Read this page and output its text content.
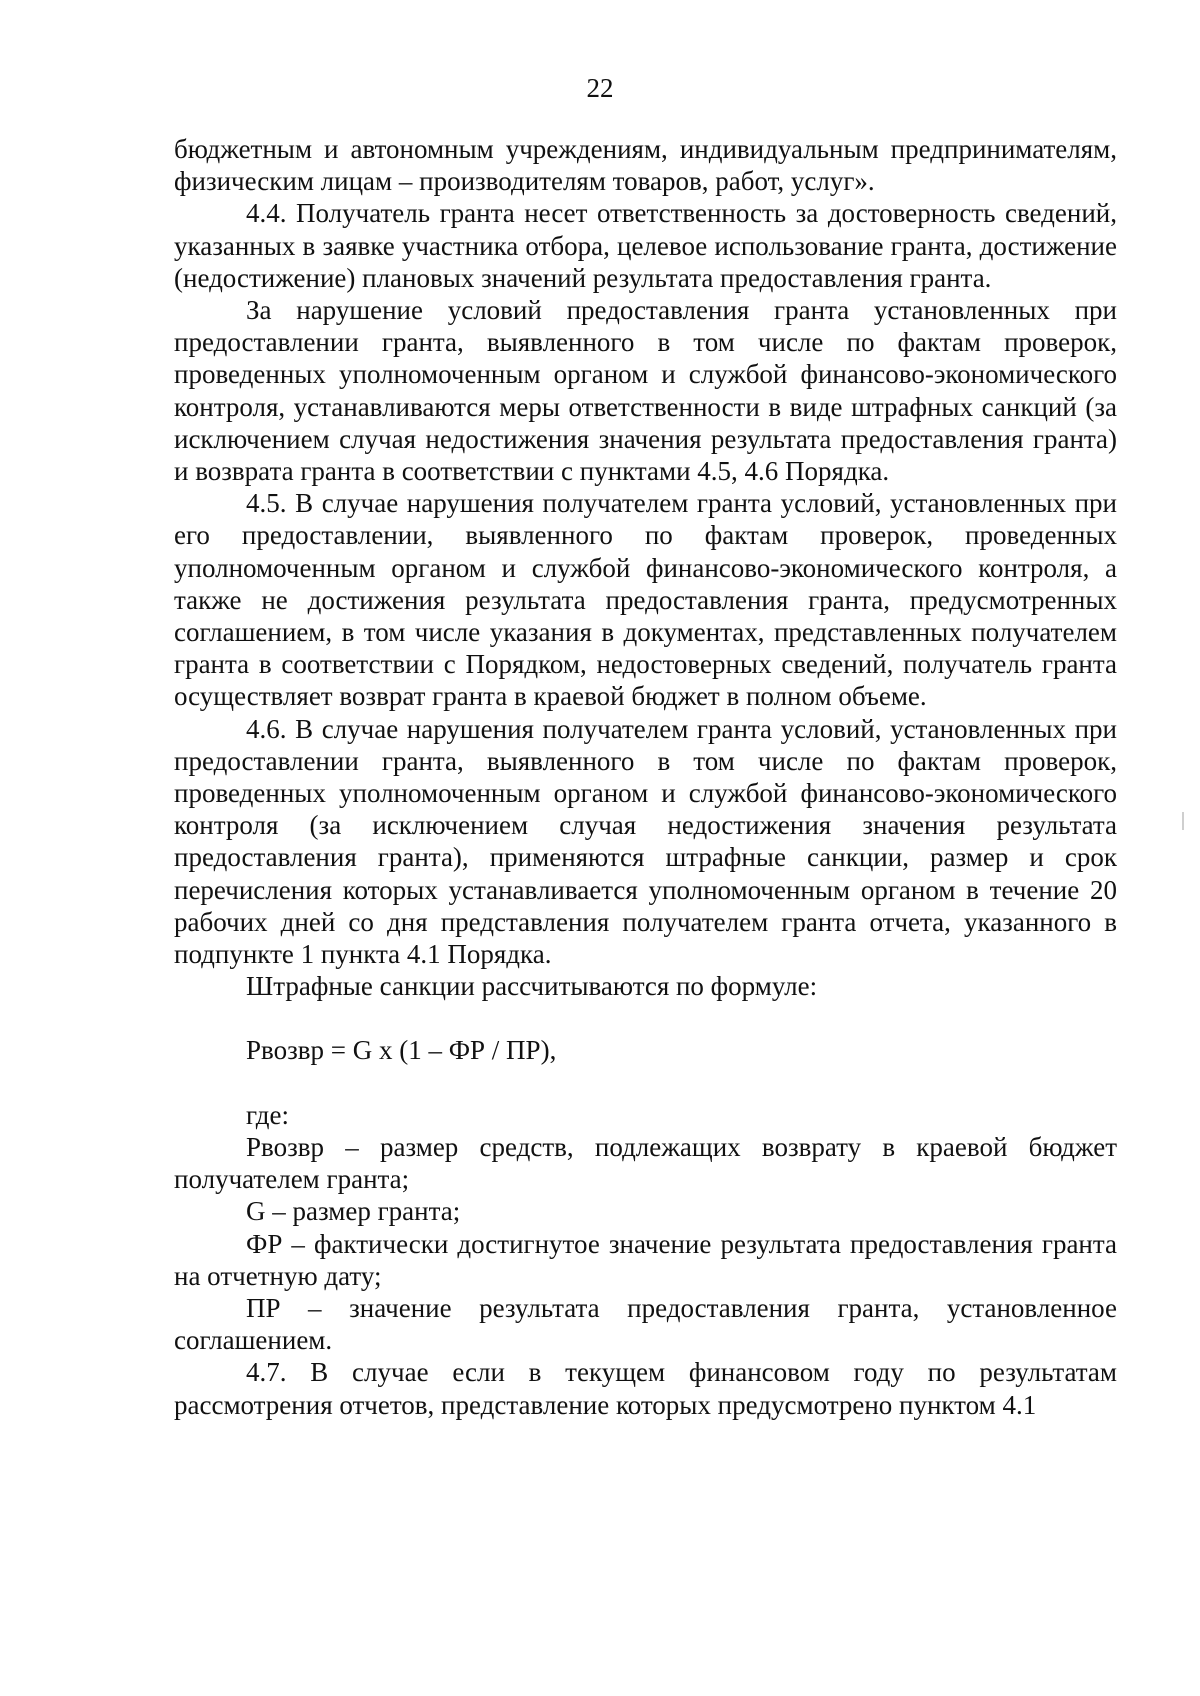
22

бюджетным и автономным учреждениям, индивидуальным предпринимателям, физическим лицам – производителям товаров, работ, услуг».

4.4. Получатель гранта несет ответственность за достоверность сведений, указанных в заявке участника отбора, целевое использование гранта, достижение (недостижение) плановых значений результата предоставления гранта.

За нарушение условий предоставления гранта установленных при предоставлении гранта, выявленного в том числе по фактам проверок, проведенных уполномоченным органом и службой финансово-экономического контроля, устанавливаются меры ответственности в виде штрафных санкций (за исключением случая недостижения значения результата предоставления гранта) и возврата гранта в соответствии с пунктами 4.5, 4.6 Порядка.

4.5. В случае нарушения получателем гранта условий, установленных при его предоставлении, выявленного по фактам проверок, проведенных уполномоченным органом и службой финансово-экономического контроля, а также не достижения результата предоставления гранта, предусмотренных соглашением, в том числе указания в документах, представленных получателем гранта в соответствии с Порядком, недостоверных сведений, получатель гранта осуществляет возврат гранта в краевой бюджет в полном объеме.

4.6. В случае нарушения получателем гранта условий, установленных при предоставлении гранта, выявленного в том числе по фактам проверок, проведенных уполномоченным органом и службой финансово-экономического контроля (за исключением случая недостижения значения результата предоставления гранта), применяются штрафные санкции, размер и срок перечисления которых устанавливается уполномоченным органом в течение 20 рабочих дней со дня представления получателем гранта отчета, указанного в подпункте 1 пункта 4.1 Порядка.

Штрафные санкции рассчитываются по формуле:

Рвозвр = G x (1 – ФР / ПР),

где:

Рвозвр – размер средств, подлежащих возврату в краевой бюджет получателем гранта;

G – размер гранта;

ФР – фактически достигнутое значение результата предоставления гранта на отчетную дату;

ПР – значение результата предоставления гранта, установленное соглашением.

4.7. В случае если в текущем финансовом году по результатам рассмотрения отчетов, представление которых предусмотрено пунктом 4.1
